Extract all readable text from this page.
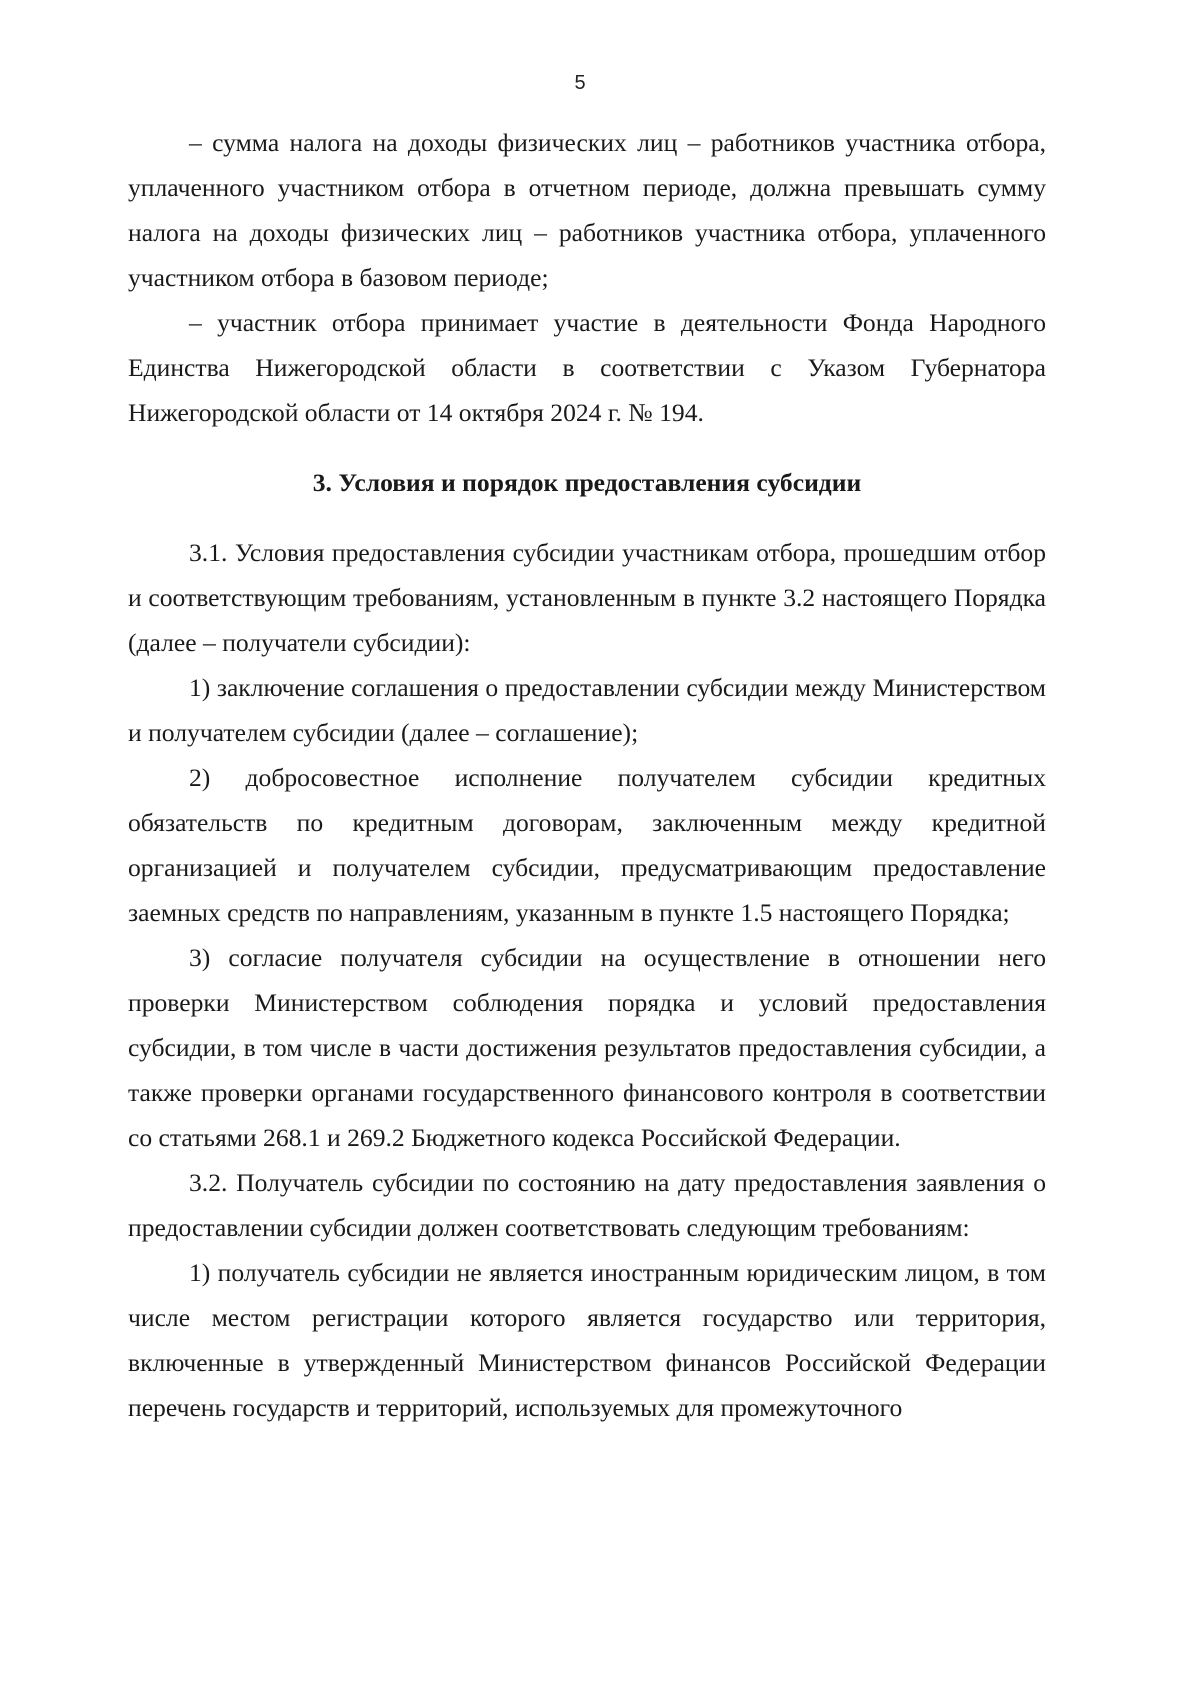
5

– сумма налога на доходы физических лиц – работников участника отбора, уплаченного участником отбора в отчетном периоде, должна превышать сумму налога на доходы физических лиц – работников участника отбора, уплаченного участником отбора в базовом периоде;

– участник отбора принимает участие в деятельности Фонда Народного Единства Нижегородской области в соответствии с Указом Губернатора Нижегородской области от 14 октября 2024 г. № 194.

3. Условия и порядок предоставления субсидии

3.1. Условия предоставления субсидии участникам отбора, прошедшим отбор и соответствующим требованиям, установленным в пункте 3.2 настоящего Порядка (далее – получатели субсидии):

1) заключение соглашения о предоставлении субсидии между Министерством и получателем субсидии (далее – соглашение);

2) добросовестное исполнение получателем субсидии кредитных обязательств по кредитным договорам, заключенным между кредитной организацией и получателем субсидии, предусматривающим предоставление заемных средств по направлениям, указанным в пункте 1.5 настоящего Порядка;

3) согласие получателя субсидии на осуществление в отношении него проверки Министерством соблюдения порядка и условий предоставления субсидии, в том числе в части достижения результатов предоставления субсидии, а также проверки органами государственного финансового контроля в соответствии со статьями 268.1 и 269.2 Бюджетного кодекса Российской Федерации.

3.2. Получатель субсидии по состоянию на дату предоставления заявления о предоставлении субсидии должен соответствовать следующим требованиям:

1) получатель субсидии не является иностранным юридическим лицом, в том числе местом регистрации которого является государство или территория, включенные в утвержденный Министерством финансов Российской Федерации перечень государств и территорий, используемых для промежуточного
